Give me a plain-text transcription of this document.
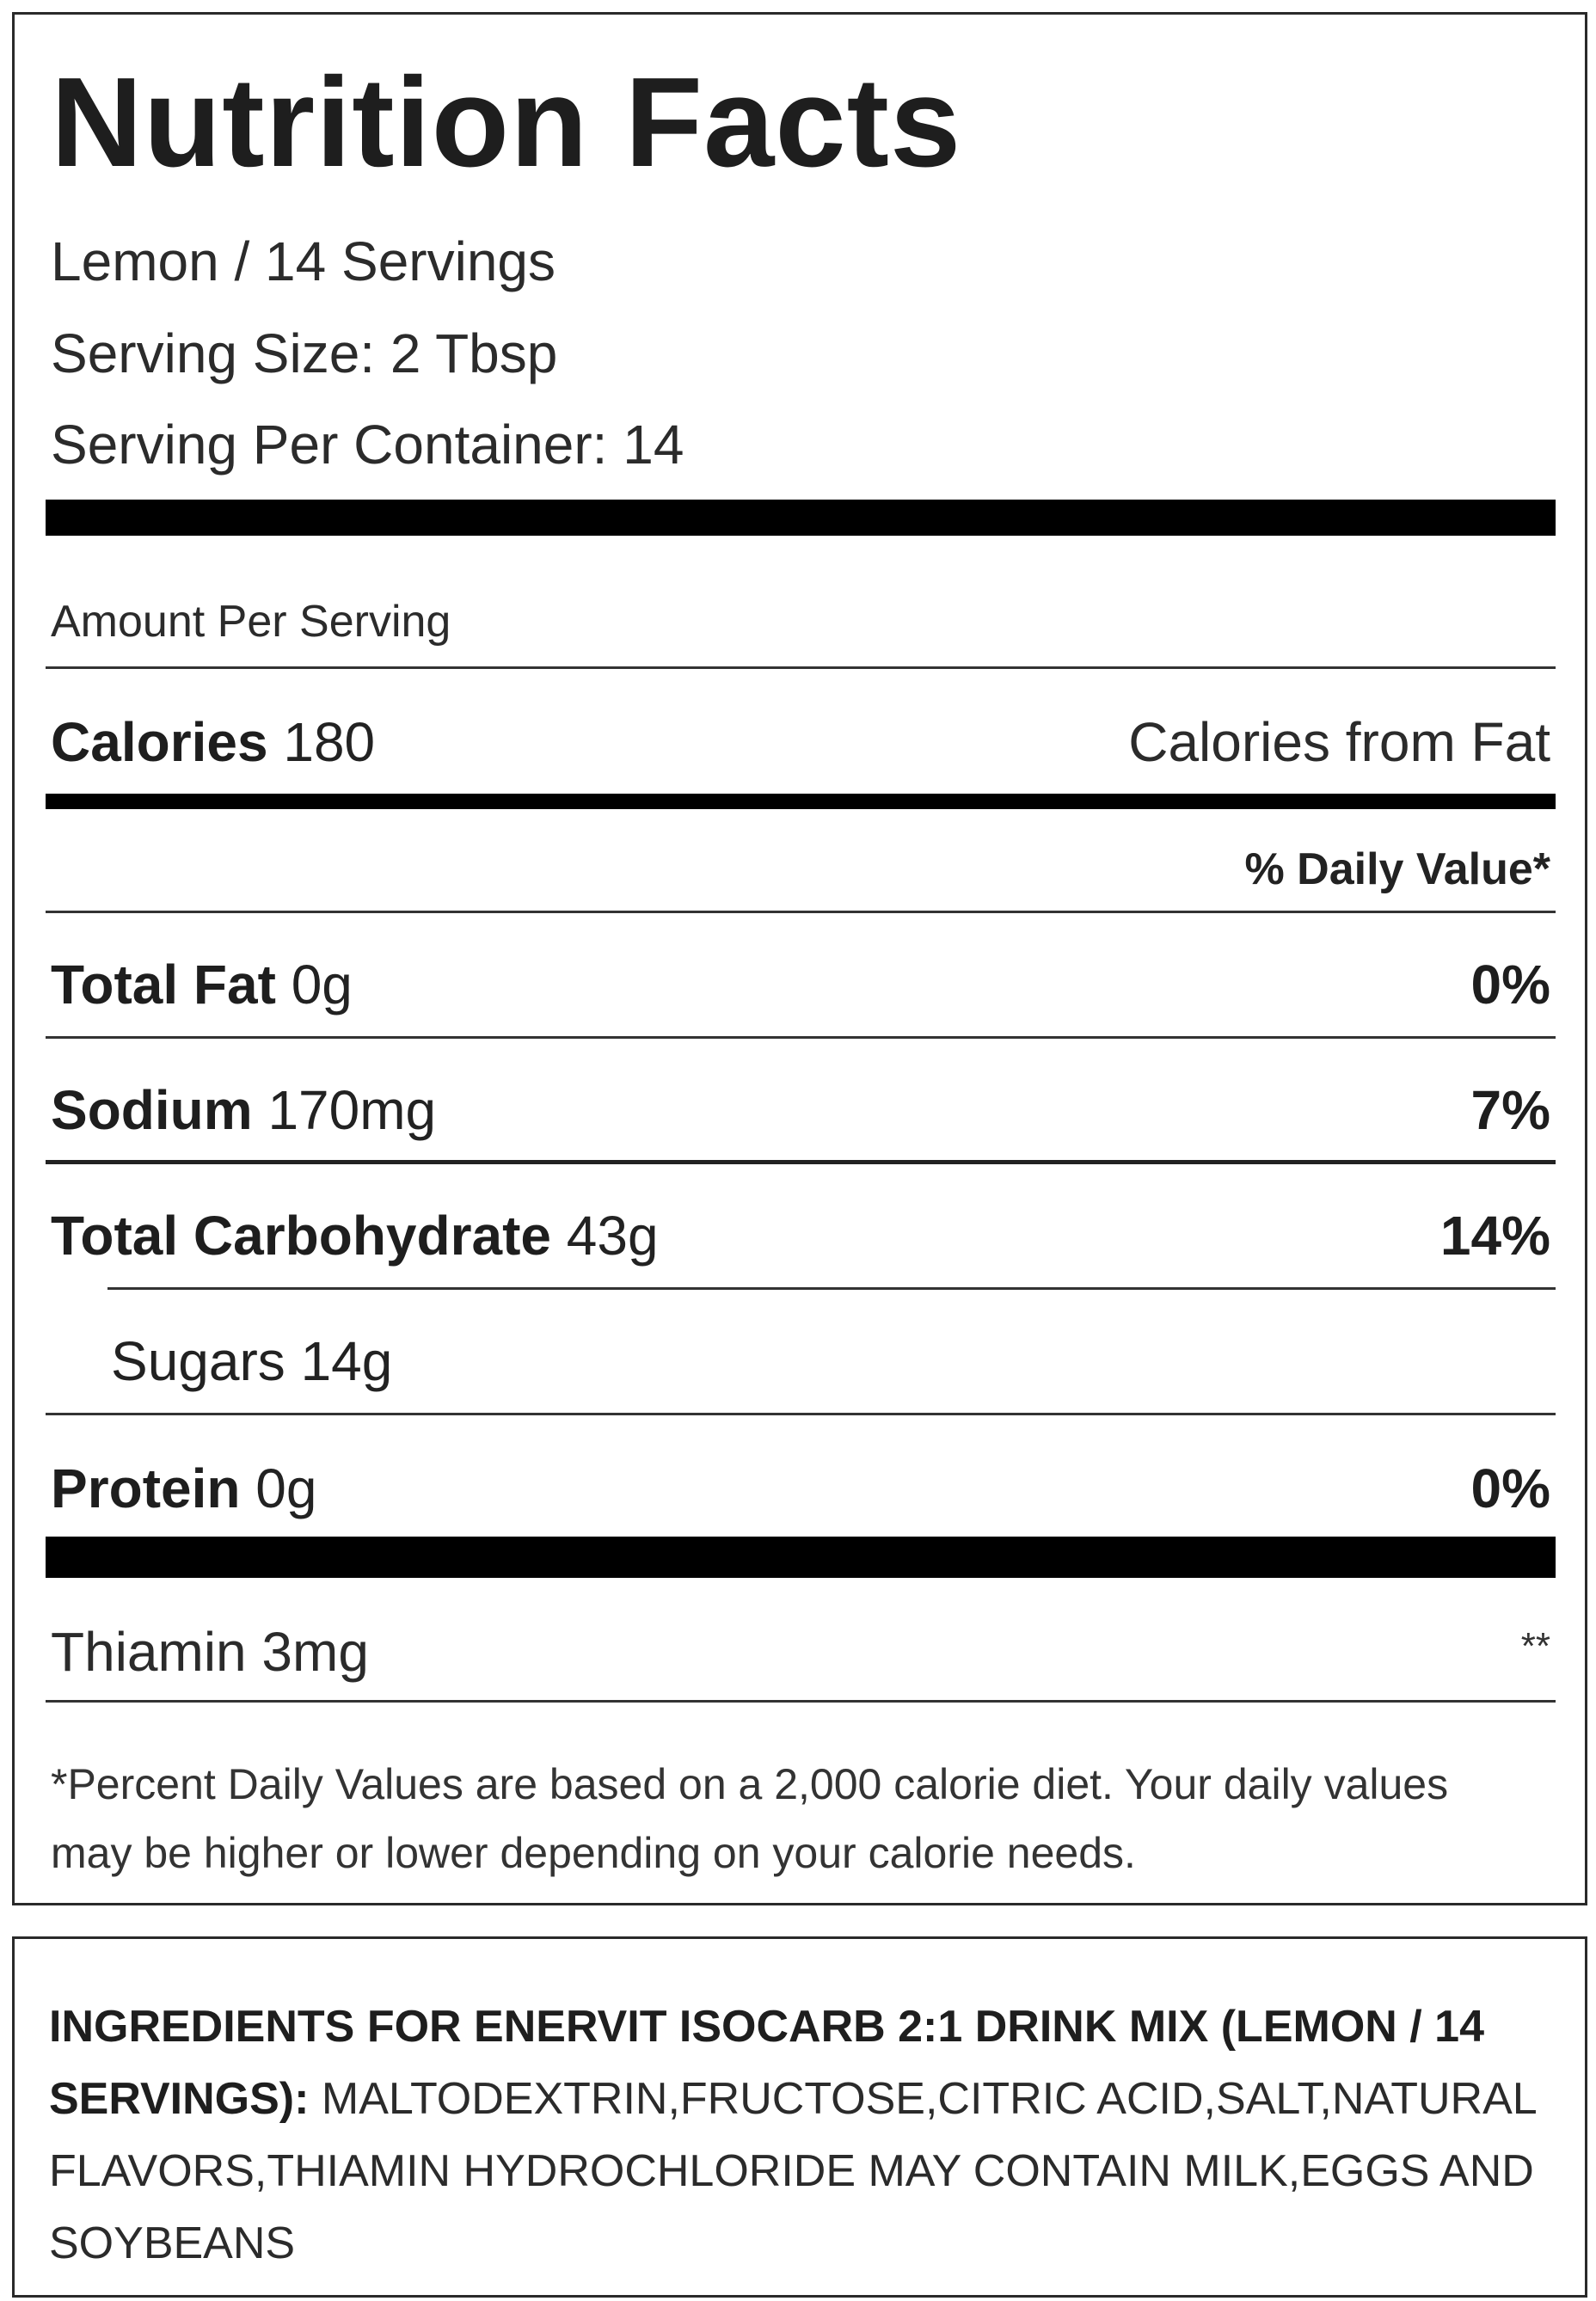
Nutrition Facts
Lemon / 14 Servings
Serving Size: 2 Tbsp
Serving Per Container: 14
Amount Per Serving
Calories 180	Calories from Fat
% Daily Value*
Total Fat 0g	0%
Sodium 170mg	7%
Total Carbohydrate 43g	14%
Sugars 14g
Protein 0g	0%
Thiamin 3mg	**
*Percent Daily Values are based on a 2,000 calorie diet. Your daily values may be higher or lower depending on your calorie needs.
INGREDIENTS FOR ENERVIT ISOCARB 2:1 DRINK MIX (LEMON / 14 SERVINGS): MALTODEXTRIN,FRUCTOSE,CITRIC ACID,SALT,NATURAL FLAVORS,THIAMIN HYDROCHLORIDE MAY CONTAIN MILK,EGGS AND SOYBEANS
